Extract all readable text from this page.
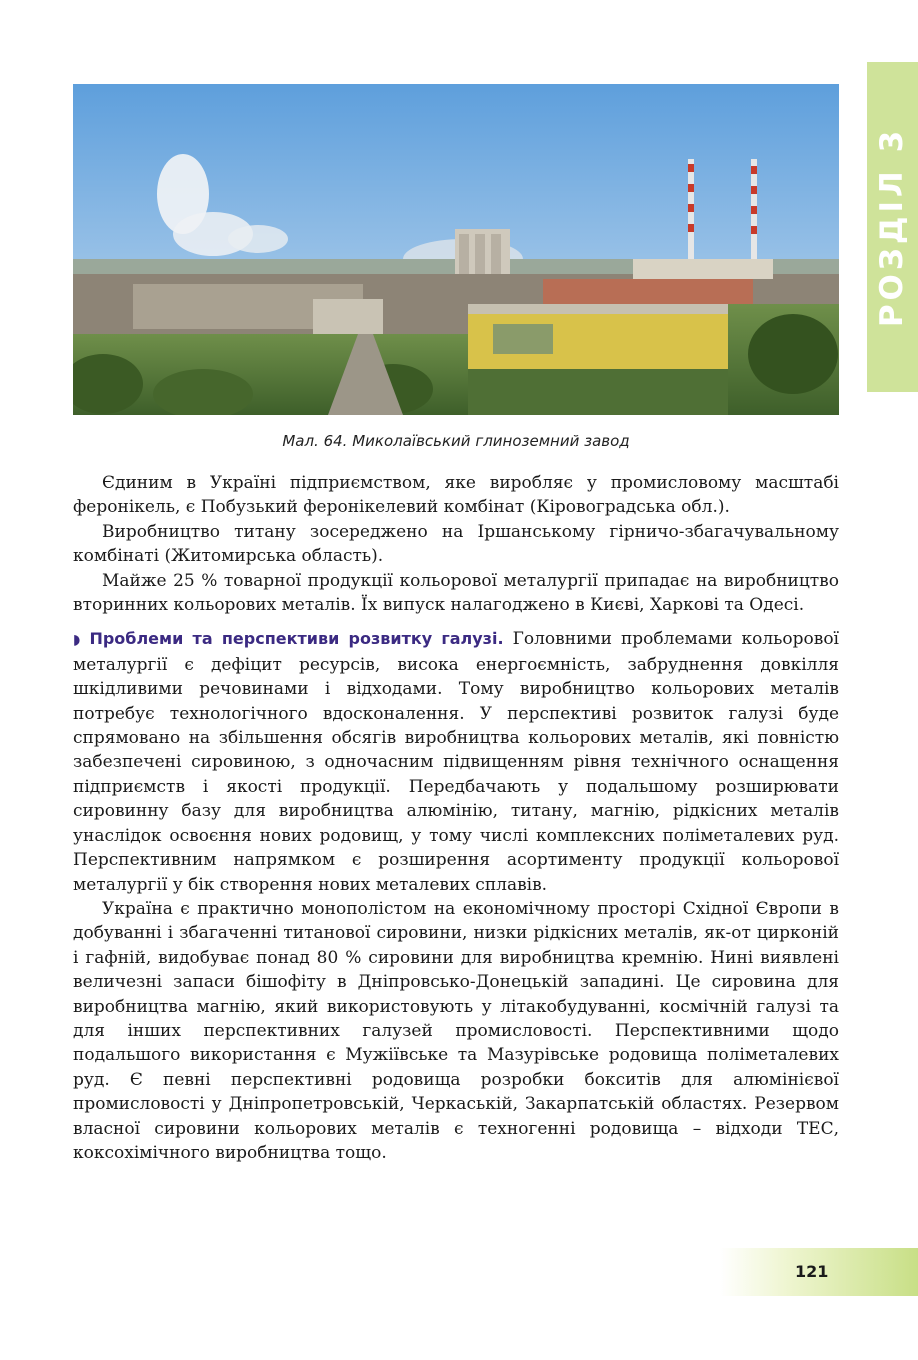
РОЗДІЛ 3
Мал. 64. Миколаївський глиноземний завод

Єдиним в Україні підприємством, яке виробляє у промисловому масштабі феронікель, є Побузький феронікелевий комбінат (Кіровоградська обл.).

Виробництво титану зосереджено на Іршанському гірничо-збагачувальному комбінаті (Житомирська область).

Майже 25 % товарної продукції кольорової металургії припадає на виробництво вторинних кольорових металів. Їх випуск налагоджено в Києві, Харкові та Одесі.

◗ Проблеми та перспективи розвитку галузі. Головними проблемами кольорової металургії є дефіцит ресурсів, висока енергоємність, забруднення довкілля шкідливими речовинами і відходами. Тому виробництво кольорових металів потребує технологічного вдосконалення. У перспективі розвиток галузі буде спрямовано на збільшення обсягів виробництва кольорових металів, які повністю забезпечені сировиною, з одночасним підвищенням рівня технічного оснащення підприємств і якості продукції. Передбачають у подальшому розширювати сировинну базу для виробництва алюмінію, титану, магнію, рідкісних металів унаслідок освоєння нових родовищ, у тому числі комплексних поліметалевих руд. Перспективним напрямком є розширення асортименту продукції кольорової металургії у бік створення нових металевих сплавів.

Україна є практично монополістом на економічному просторі Східної Європи в добуванні і збагаченні титанової сировини, низки рідкісних металів, як-от цирконій і гафній, видобуває понад 80 % сировини для виробництва кремнію. Нині виявлені величезні запаси бішофіту в Дніпровсько-Донецькій западині. Це сировина для виробництва магнію, який використовують у літакобудуванні, космічній галузі та для інших перспективних галузей промисловості. Перспективними щодо подальшого використання є Мужіївське та Мазурівське родовища поліметалевих руд. Є певні перспективні родовища розробки бокситів для алюмінієвої промисловості у Дніпропетровській, Черкаській, Закарпатській областях. Резервом власної сировини кольорових металів є техногенні родовища – відходи ТЕС, коксохімічного виробництва тощо.

121
